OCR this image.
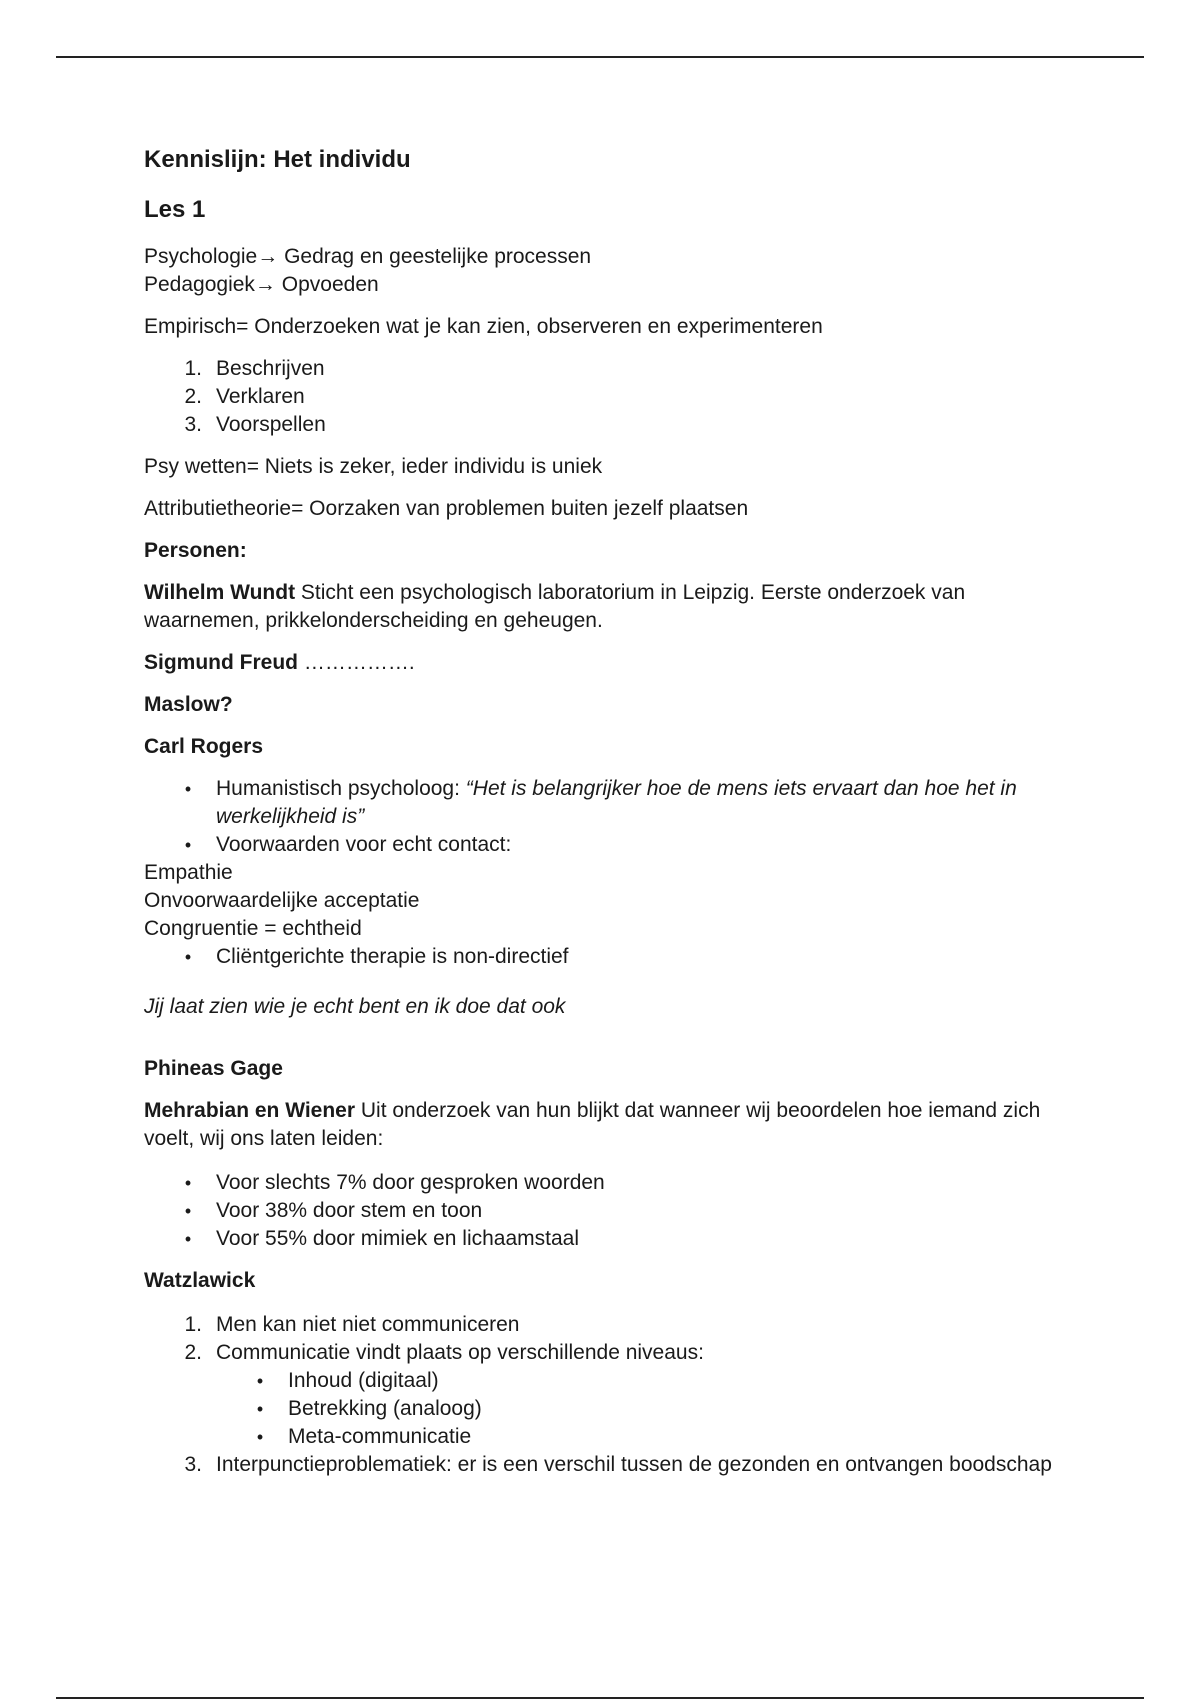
Kennislijn: Het individu
Les 1

Psychologie→ Gedrag en geestelijke processen

Pedagogiek→ Opvoeden

Empirisch= Onderzoeken wat je kan zien, observeren en experimenteren

1. Beschrijven
2. Verklaren
3. Voorspellen

Psy wetten= Niets is zeker, ieder individu is uniek

Attributietheorie= Oorzaken van problemen buiten jezelf plaatsen

Personen:

Wilhelm Wundt Sticht een psychologisch laboratorium in Leipzig. Eerste onderzoek van waarnemen, prikkelonderscheiding en geheugen.

Sigmund Freud …………….

Maslow?

Carl Rogers

• Humanistisch psycholoog: “Het is belangrijker hoe de mens iets ervaart dan hoe het in werkelijkheid is”
• Voorwaarden voor echt contact:

Empathie

Onvoorwaardelijke acceptatie

Congruentie = echtheid

• Cliëntgerichte therapie is non-directief

Jij laat zien wie je echt bent en ik doe dat ook

Phineas Gage

Mehrabian en Wiener Uit onderzoek van hun blijkt dat wanneer wij beoordelen hoe iemand zich voelt, wij ons laten leiden:

• Voor slechts 7% door gesproken woorden
• Voor 38% door stem en toon
• Voor 55% door mimiek en lichaamstaal

Watzlawick

1. Men kan niet niet communiceren
2. Communicatie vindt plaats op verschillende niveaus:
• Inhoud (digitaal)
• Betrekking (analoog)
• Meta-communicatie
3. Interpunctieproblematiek: er is een verschil tussen de gezonden en ontvangen boodschap
